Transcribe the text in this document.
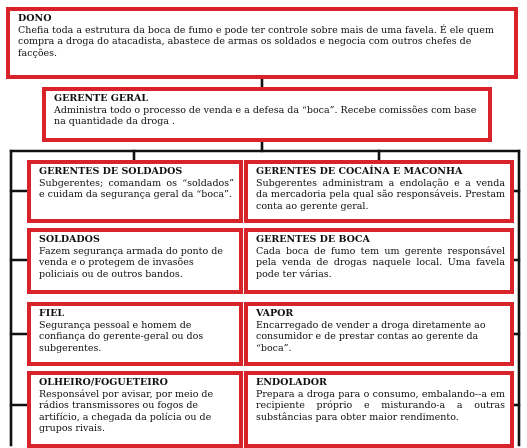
DONO
Chefia toda a estrutura da boca de fumo e pode ter controle sobre mais de uma favela. É ele quem compra a droga do atacadista, abastece de armas os soldados e negocia com outros chefes de facções.
GERENTE GERAL
Administra todo o processo de venda e a defesa da “boca”. Recebe comissões com base na quantidade da droga .
GERENTES DE SOLDADOS
Subgerentes; comandam os “soldados” e cuidam da segurança geral da “boca”.
GERENTES DE COCAÍNA E MACONHA
Subgerentes administram a endolação e a venda da mercadoria pela qual são responsáveis. Prestam conta ao gerente geral.
SOLDADOS
Fazem segurança armada do ponto de venda e o protegem de invasões policiais ou de outros bandos.
GERENTES DE BOCA
Cada boca de fumo tem um gerente responsável pela venda de drogas naquele local. Uma favela pode ter várias.
FIEL
Segurança pessoal e homem de confiança do gerente-geral ou dos subgerentes.
VAPOR
Encarregado de vender a droga diretamente ao consumidor e de prestar contas ao gerente da “boca”.
OLHEIRO/FOGUETEIRO
Responsável por avisar, por meio de rádios transmissores ou fogos de artifício, a chegada da polícia ou de grupos rivais.
ENDOLADOR
Prepara a droga para o consumo, embalando--a em recipiente próprio e misturando-a a outras substâncias para obter maior rendimento.
